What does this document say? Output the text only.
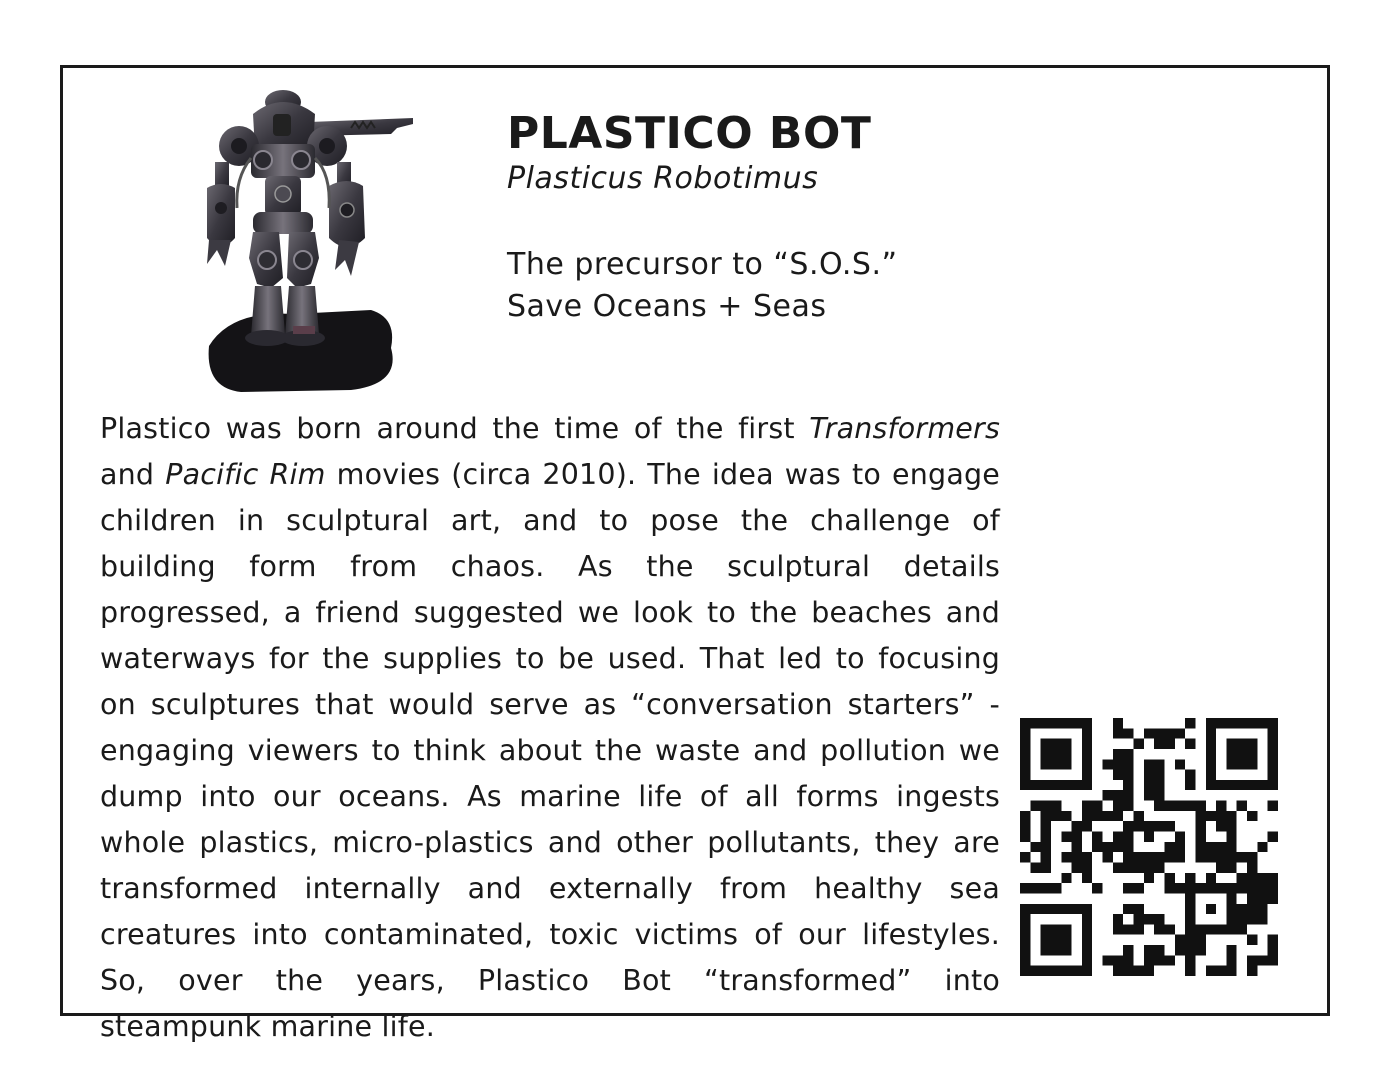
PLASTICO BOT

Plasticus Robotimus

The precursor to “S.O.S.”
Save Oceans + Seas

Plastico was born around the time of the first Transformers and Pacific Rim movies (circa 2010). The idea was to engage children in sculptural art, and to pose the challenge of building form from chaos. As the sculptural details progressed, a friend suggested we look to the beaches and waterways for the supplies to be used. That led to focusing on sculptures that would serve as “conversation starters” - engaging viewers to think about the waste and pollution we dump into our oceans. As marine life of all forms ingests whole plastics, micro-plastics and other pollutants, they are transformed internally and externally from healthy sea creatures into contaminated, toxic victims of our lifestyles. So, over the years, Plastico Bot “transformed” into steampunk marine life.
